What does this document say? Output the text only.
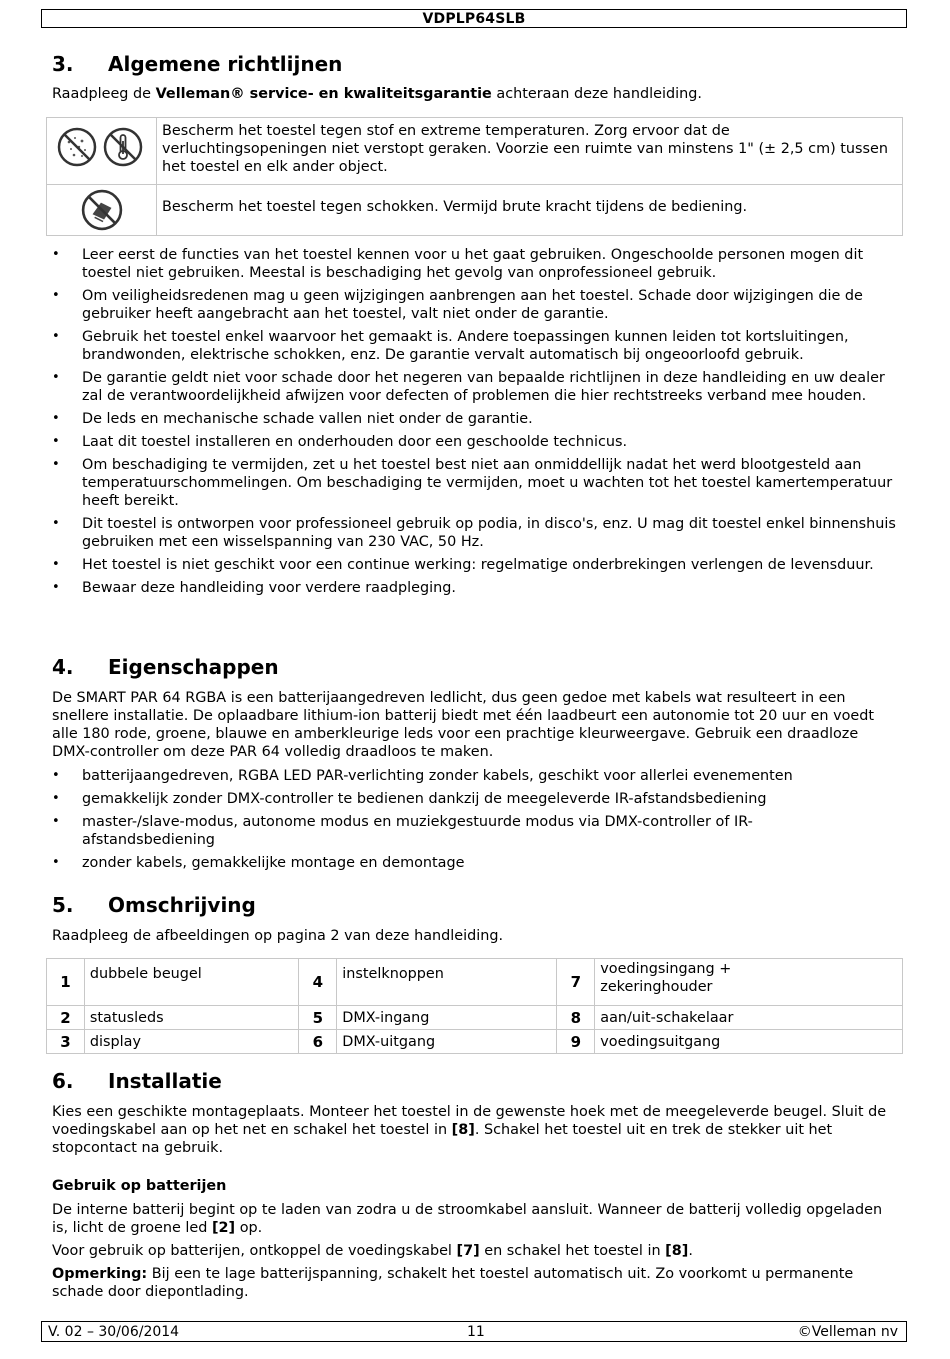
VDPLP64SLB
3. Algemene richtlijnen

Raadpleeg de Velleman® service- en kwaliteitsgarantie achteraan deze handleiding.

Bescherm het toestel tegen stof en extreme temperaturen. Zorg ervoor dat de verluchtingsopeningen niet verstopt geraken. Voorzie een ruimte van minstens 1" (± 2,5 cm) tussen het toestel en elk ander object.
Bescherm het toestel tegen schokken. Vermijd brute kracht tijdens de bediening.
• Leer eerst de functies van het toestel kennen voor u het gaat gebruiken. Ongeschoolde personen mogen dit toestel niet gebruiken. Meestal is beschadiging het gevolg van onprofessioneel gebruik.
• Om veiligheidsredenen mag u geen wijzigingen aanbrengen aan het toestel. Schade door wijzigingen die de gebruiker heeft aangebracht aan het toestel, valt niet onder de garantie.
• Gebruik het toestel enkel waarvoor het gemaakt is. Andere toepassingen kunnen leiden tot kortsluitingen, brandwonden, elektrische schokken, enz. De garantie vervalt automatisch bij ongeoorloofd gebruik.
• De garantie geldt niet voor schade door het negeren van bepaalde richtlijnen in deze handleiding en uw dealer zal de verantwoordelijkheid afwijzen voor defecten of problemen die hier rechtstreeks verband mee houden.
• De leds en mechanische schade vallen niet onder de garantie.
• Laat dit toestel installeren en onderhouden door een geschoolde technicus.
• Om beschadiging te vermijden, zet u het toestel best niet aan onmiddellijk nadat het werd blootgesteld aan temperatuurschommelingen. Om beschadiging te vermijden, moet u wachten tot het toestel kamertemperatuur heeft bereikt.
• Dit toestel is ontworpen voor professioneel gebruik op podia, in disco's, enz. U mag dit toestel enkel binnenshuis gebruiken met een wisselspanning van 230 VAC, 50 Hz.
• Het toestel is niet geschikt voor een continue werking: regelmatige onderbrekingen verlengen de levensduur.
• Bewaar deze handleiding voor verdere raadpleging.
4. Eigenschappen

De SMART PAR 64 RGBA is een batterijaangedreven ledlicht, dus geen gedoe met kabels wat resulteert in een snellere installatie. De oplaadbare lithium-ion batterij biedt met één laadbeurt een autonomie tot 20 uur en voedt alle 180 rode, groene, blauwe en amberkleurige leds voor een prachtige kleurweergave. Gebruik een draadloze DMX-controller om deze PAR 64 volledig draadloos te maken.

• batterijaangedreven, RGBA LED PAR-verlichting zonder kabels, geschikt voor allerlei evenementen
• gemakkelijk zonder DMX-controller te bedienen dankzij de meegeleverde IR-afstandsbediening
• master-/slave-modus, autonome modus en muziekgestuurde modus via DMX-controller of IR-afstandsbediening
• zonder kabels, gemakkelijke montage en demontage
5. Omschrijving

Raadpleeg de afbeeldingen op pagina 2 van deze handleiding.

1	dubbele beugel	4	instelknoppen	7	voedingsingang + zekeringhouder
2	statusleds	5	DMX-ingang	8	aan/uit-schakelaar
3	display	6	DMX-uitgang	9	voedingsuitgang
6. Installatie

Kies een geschikte montageplaats. Monteer het toestel in de gewenste hoek met de meegeleverde beugel. Sluit de voedingskabel aan op het net en schakel het toestel in [8]. Schakel het toestel uit en trek de stekker uit het stopcontact na gebruik.

Gebruik op batterijen

De interne batterij begint op te laden van zodra u de stroomkabel aansluit. Wanneer de batterij volledig opgeladen is, licht de groene led [2] op.

Voor gebruik op batterijen, ontkoppel de voedingskabel [7] en schakel het toestel in [8].

Opmerking: Bij een te lage batterijspanning, schakelt het toestel automatisch uit. Zo voorkomt u permanente schade door diepontlading.

V. 02 – 30/06/2014	11	©Velleman nv
